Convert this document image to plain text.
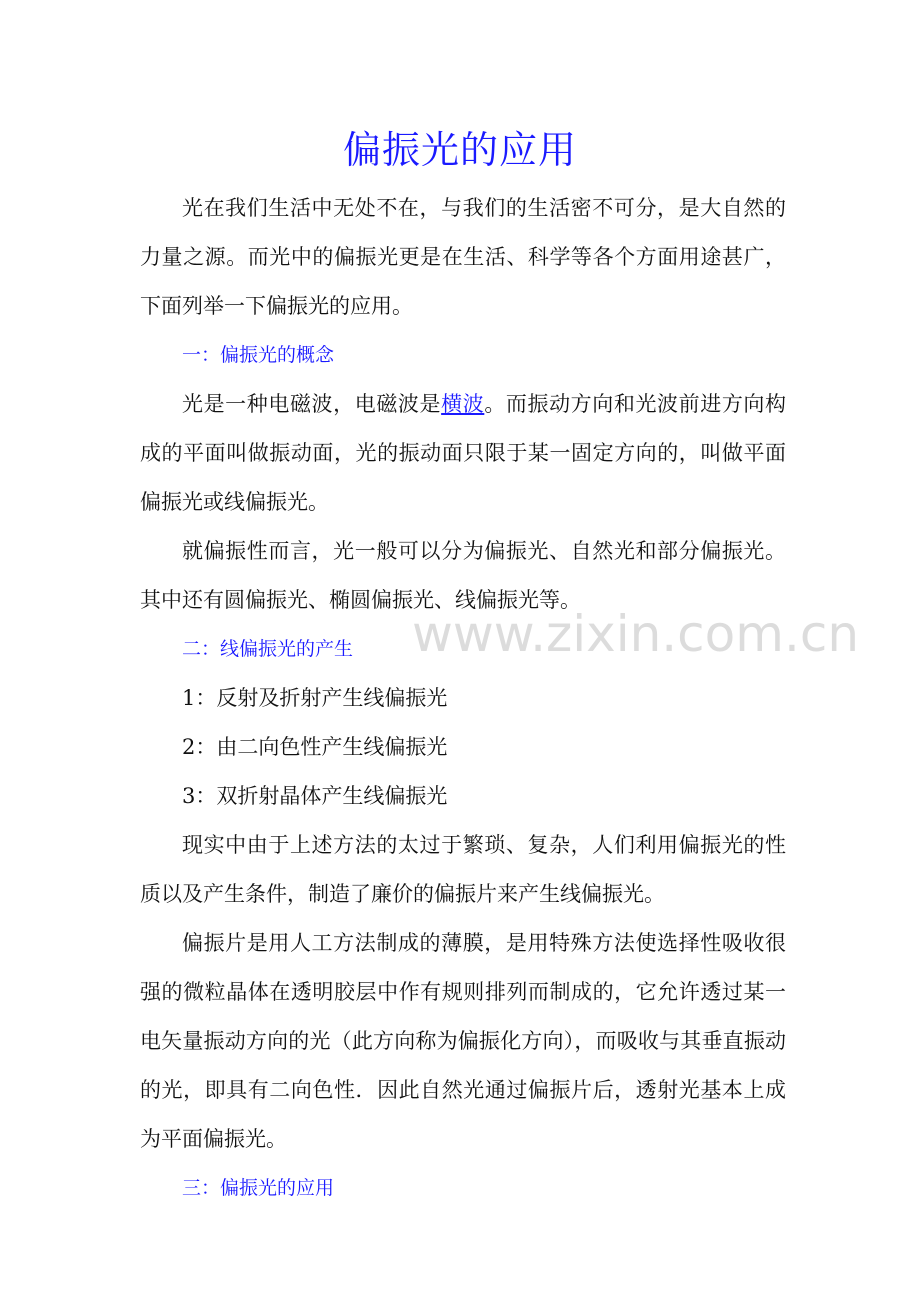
偏振光的应用

光在我们生活中无处不在，与我们的生活密不可分，是大自然的力量之源。而光中的偏振光更是在生活、科学等各个方面用途甚广，下面列举一下偏振光的应用。

一：偏振光的概念

光是一种电磁波，电磁波是横波。而振动方向和光波前进方向构成的平面叫做振动面，光的振动面只限于某一固定方向的，叫做平面偏振光或线偏振光。

就偏振性而言，光一般可以分为偏振光、自然光和部分偏振光。其中还有圆偏振光、椭圆偏振光、线偏振光等。

二：线偏振光的产生

1：反射及折射产生线偏振光

2：由二向色性产生线偏振光

3：双折射晶体产生线偏振光

现实中由于上述方法的太过于繁琐、复杂，人们利用偏振光的性质以及产生条件，制造了廉价的偏振片来产生线偏振光。

偏振片是用人工方法制成的薄膜，是用特殊方法使选择性吸收很强的微粒晶体在透明胶层中作有规则排列而制成的，它允许透过某一电矢量振动方向的光（此方向称为偏振化方向），而吸收与其垂直振动的光，即具有二向色性．因此自然光通过偏振片后，透射光基本上成为平面偏振光。

三：偏振光的应用

www.zixin.com.cn
